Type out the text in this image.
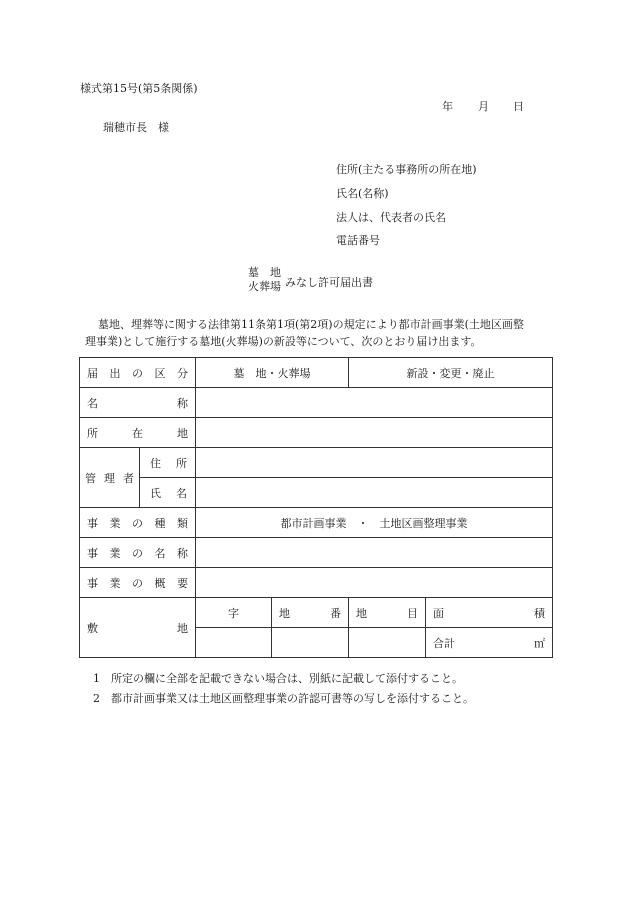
様式第15号(第5条関係)
年 月 日
瑞穂市長　様
住所(主たる事務所の所在地)
氏名(名称)
法人は、代表者の氏名
電話番号
墓　地
火葬場 みなし許可届出書
墓地、埋葬等に関する法律第11条第1項(第2項)の規定により都市計画事業(土地区画整
理事業)として施行する墓地(火葬場)の新設等について、次のとおり届け出ます。
届 出 の 区 分		墓　地・火葬場		新設・変更・廃止	

名 称					

所 在 地					

管 理 者	住 所				

	氏 名				

事 業 の 種 類		都市計画事業　・　土地区画整理事業			

事 業 の 名 称					

事 業 の 概 要					

敷 地		字	地 番	地 目	面 積

					合計 ㎡
1　所定の欄に全部を記載できない場合は、別紙に記載して添付すること。
2　都市計画事業又は土地区画整理事業の許認可書等の写しを添付すること。
